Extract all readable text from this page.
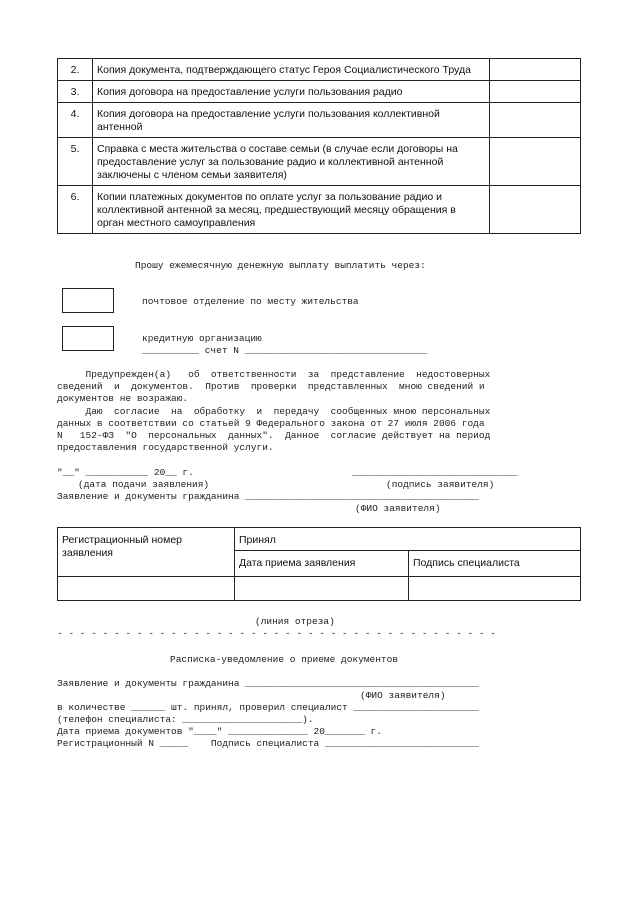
2.	Копия документа, подтверждающего статус Героя Социалистического Труда	
3.	Копия договора на предоставление услуги пользования радио	
4.	Копия договора на предоставление услуги пользования коллективной антенной	
5.	Справка с места жительства о составе семьи (в случае если договоры на предоставление услуг за пользование радио и коллективной антенной заключены с членом семьи заявителя)	
6.	Копии платежных документов по оплате услуг за пользование радио и коллективной антенной за месяц, предшествующий месяцу обращения в орган местного самоуправления	
Прошу ежемесячную денежную выплату выплатить через:
почтовое отделение по месту жительства
кредитную организацию
__________ счет N ________________________________
Предупрежден(а)   об  ответственности  за  представление  недостоверных
сведений  и  документов.  Против  проверки  представленных  мною сведений и
документов не возражаю.
Даю  согласие  на  обработку  и  передачу  сообщенных мною персональных
данных в соответствии со статьей 9 Федерального закона от 27 июля 2006 года
N   152-ФЗ  "О  персональных  данных".  Данное  согласие действует на период
предоставления государственной услуги.
"__" ___________ 20__ г.	_____________________________
(дата подачи заявления)	(подпись заявителя)
Заявление и документы гражданина _________________________________________
(ФИО заявителя)
Регистрационный номер заявления	Принял	
	Дата приема заявления	Подпись специалиста

(линия отреза)
- - - - - - - - - - - - - - - - - - - - - - - - - - - - - - - - - - - - - - -
Расписка-уведомление о приеме документов
Заявление и документы гражданина _________________________________________
(ФИО заявителя)
в количестве ______ шт. принял, проверил специалист ______________________
(телефон специалиста: _____________________).
Дата приема документов "____" ______________ 20_______ г.
Регистрационный N _____    Подпись специалиста ___________________________
